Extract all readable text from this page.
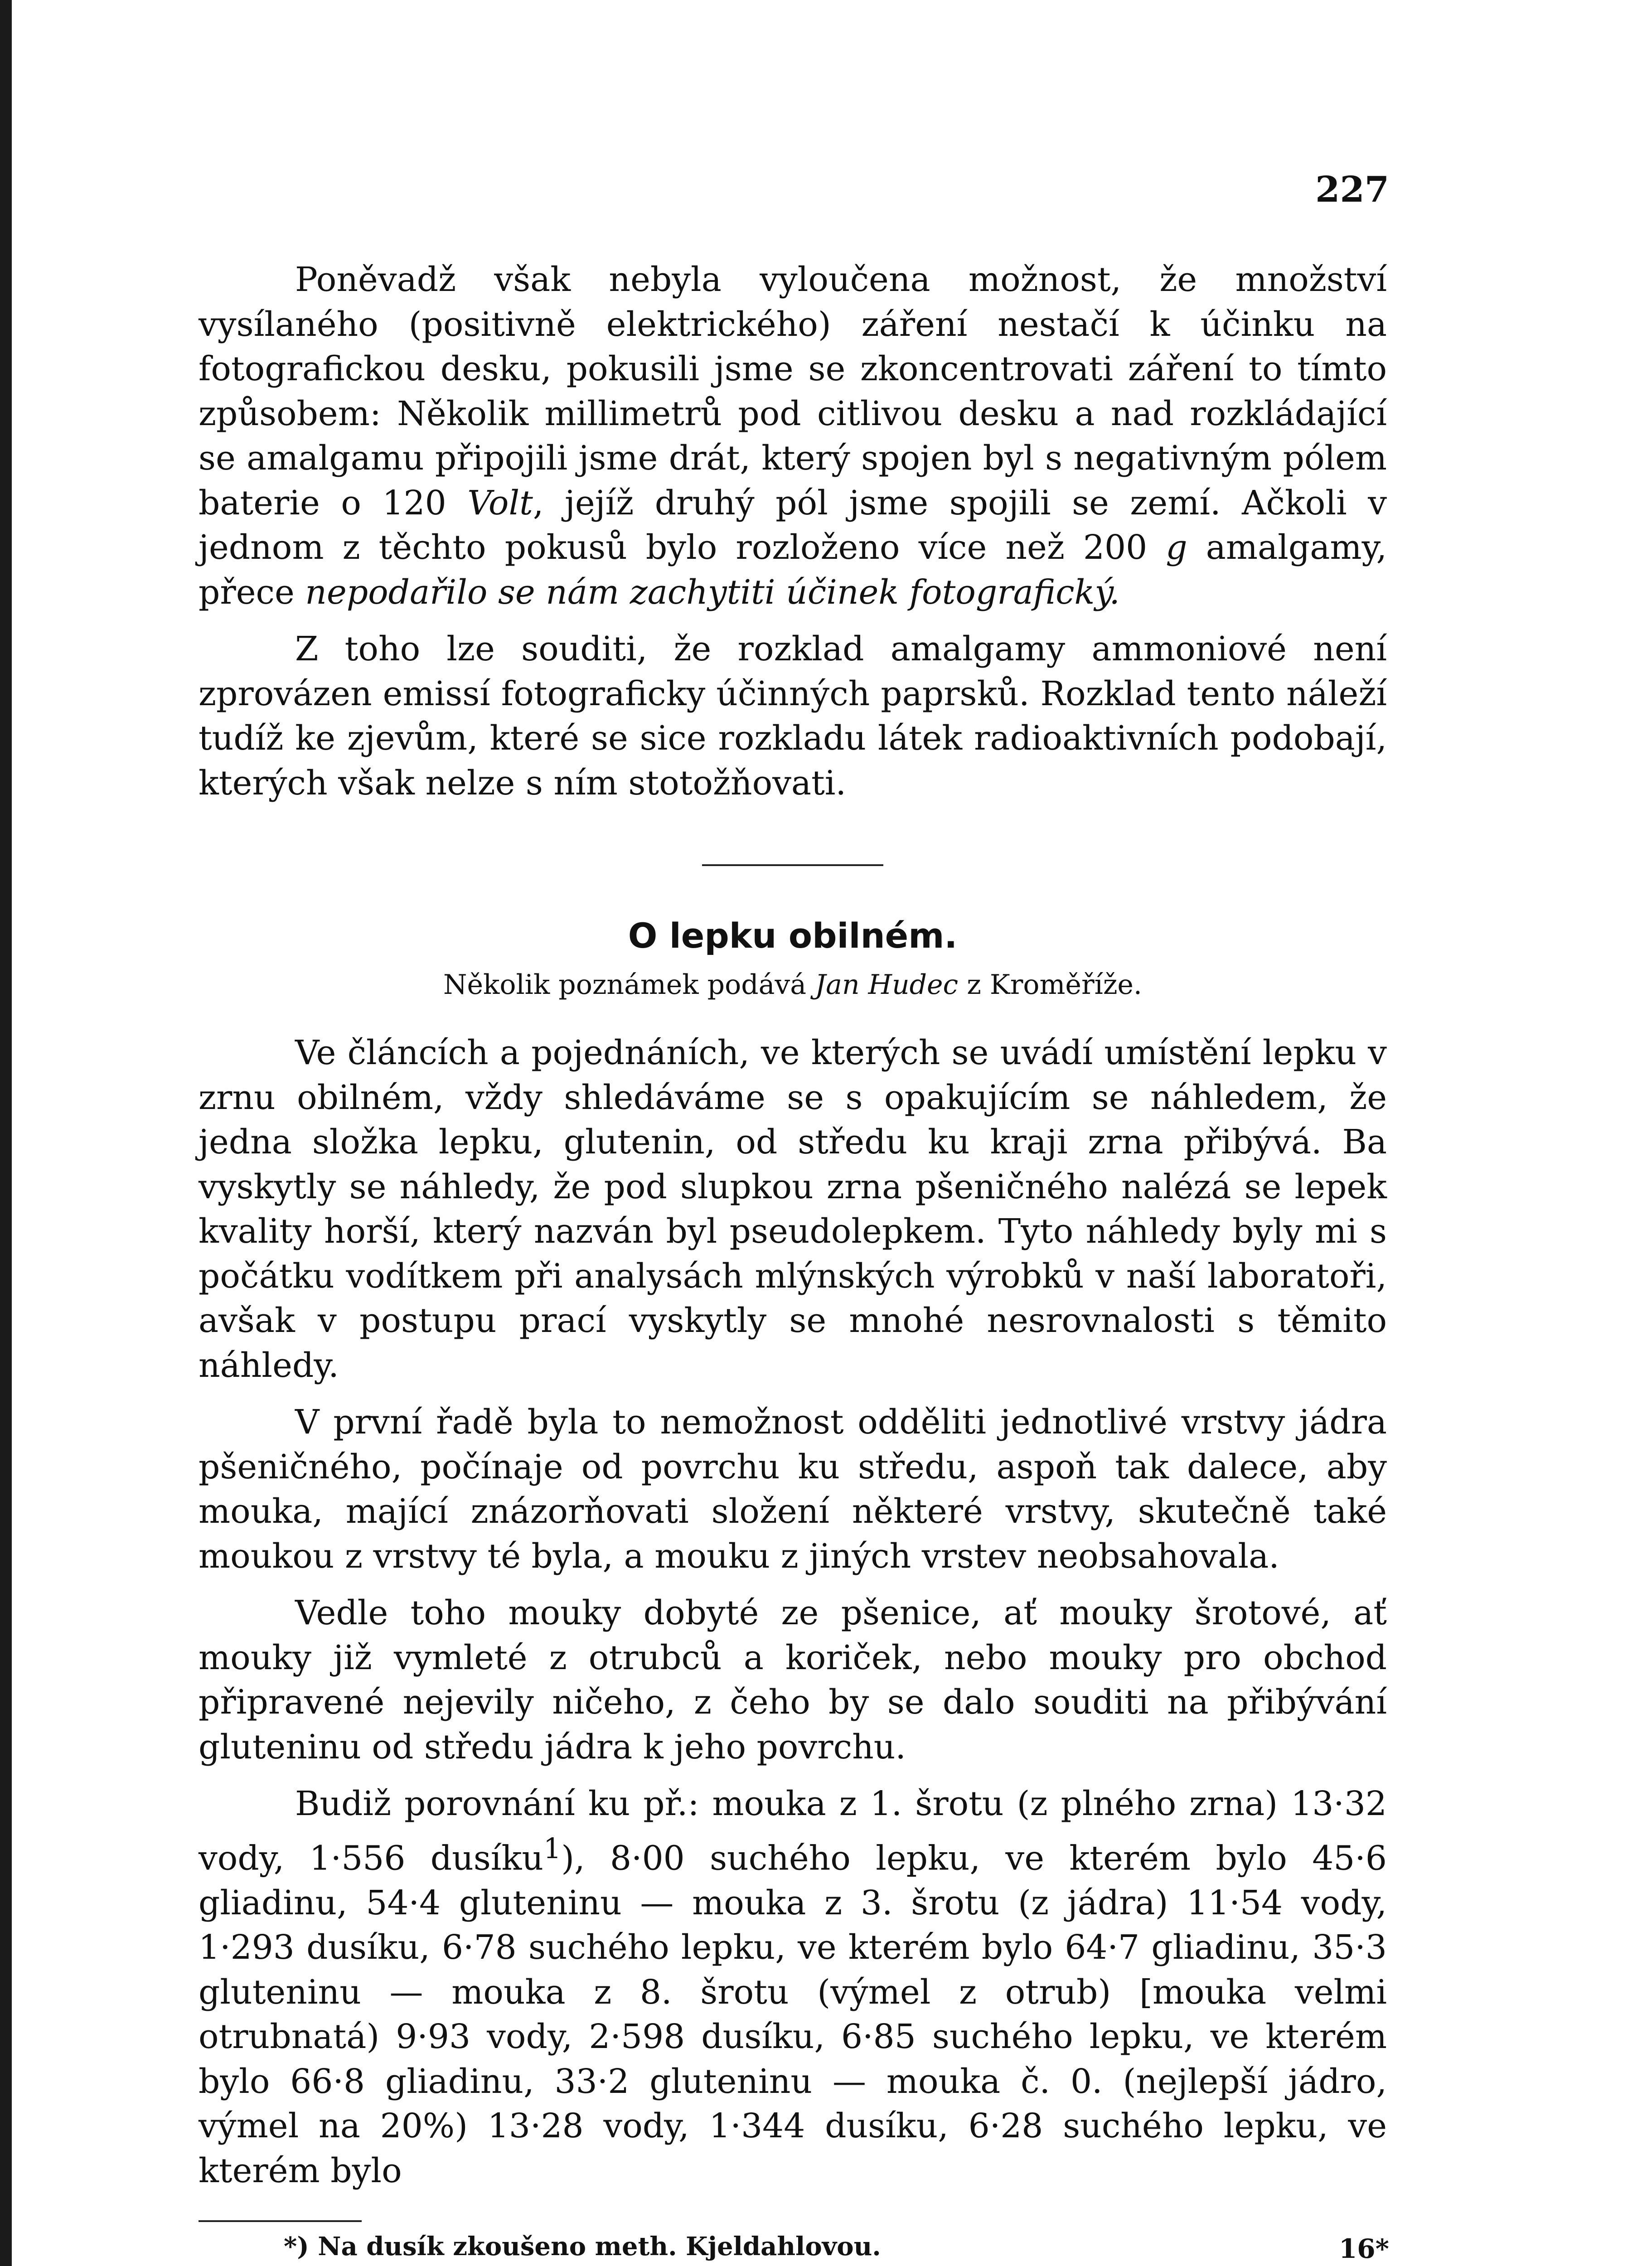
227

Poněvadž však nebyla vyloučena možnost, že množství vysílaného (positivně elektrického) záření nestačí k účinku na fotografickou desku, pokusili jsme se zkoncentrovati záření to tímto způsobem: Několik millimetrů pod citlivou desku a nad rozkládající se amalgamu připojili jsme drát, který spojen byl s negativným pólem baterie o 120 Volt, jejíž druhý pól jsme spojili se zemí. Ačkoli v jednom z těchto pokusů bylo rozloženo více než 200 g amalgamy, přece nepodařilo se nám zachytiti účinek fotografický.

Z toho lze souditi, že rozklad amalgamy ammoniové není zprovázen emissí fotograficky účinných paprsků. Rozklad tento náleží tudíž ke zjevům, které se sice rozkladu látek radioaktivních podobají, kterých však nelze s ním stotožňovati.

O lepku obilném.

Několik poznámek podává Jan Hudec z Kroměříže.

Ve článcích a pojednáních, ve kterých se uvádí umístění lepku v zrnu obilném, vždy shledáváme se s opakujícím se náhledem, že jedna složka lepku, glutenin, od středu ku kraji zrna přibývá. Ba vyskytly se náhledy, že pod slupkou zrna pšeničného nalézá se lepek kvality horší, který nazván byl pseudolepkem. Tyto náhledy byly mi s počátku vodítkem při analysách mlýnských výrobků v naší laboratoři, avšak v postupu prací vyskytly se mnohé nesrovnalosti s těmito náhledy.

V první řadě byla to nemožnost odděliti jednotlivé vrstvy jádra pšeničného, počínaje od povrchu ku středu, aspoň tak dalece, aby mouka, mající znázorňovati složení některé vrstvy, skutečně také moukou z vrstvy té byla, a mouku z jiných vrstev neobsahovala.

Vedle toho mouky dobyté ze pšenice, ať mouky šrotové, ať mouky již vymleté z otrubců a koriček, nebo mouky pro obchod připravené nejevily ničeho, z čeho by se dalo souditi na přibývání gluteninu od středu jádra k jeho povrchu.

Budiž porovnání ku př.: mouka z 1. šrotu (z plného zrna) 13·32 vody, 1·556 dusíku$^1$), 8·00 suchého lepku, ve kterém bylo 45·6 gliadinu, 54·4 gluteninu — mouka z 3. šrotu (z jádra) 11·54 vody, 1·293 dusíku, 6·78 suchého lepku, ve kterém bylo 64·7 gliadinu, 35·3 gluteninu — mouka z 8. šrotu (výmel z otrub) [mouka velmi otrubnatá) 9·93 vody, 2·598 dusíku, 6·85 suchého lepku, ve kterém bylo 66·8 gliadinu, 33·2 gluteninu — mouka č. 0. (nejlepší jádro, výmel na 20%) 13·28 vody, 1·344 dusíku, 6·28 suchého lepku, ve kterém bylo

*) Na dusík zkoušeno meth. Kjeldahlovou.	16*
